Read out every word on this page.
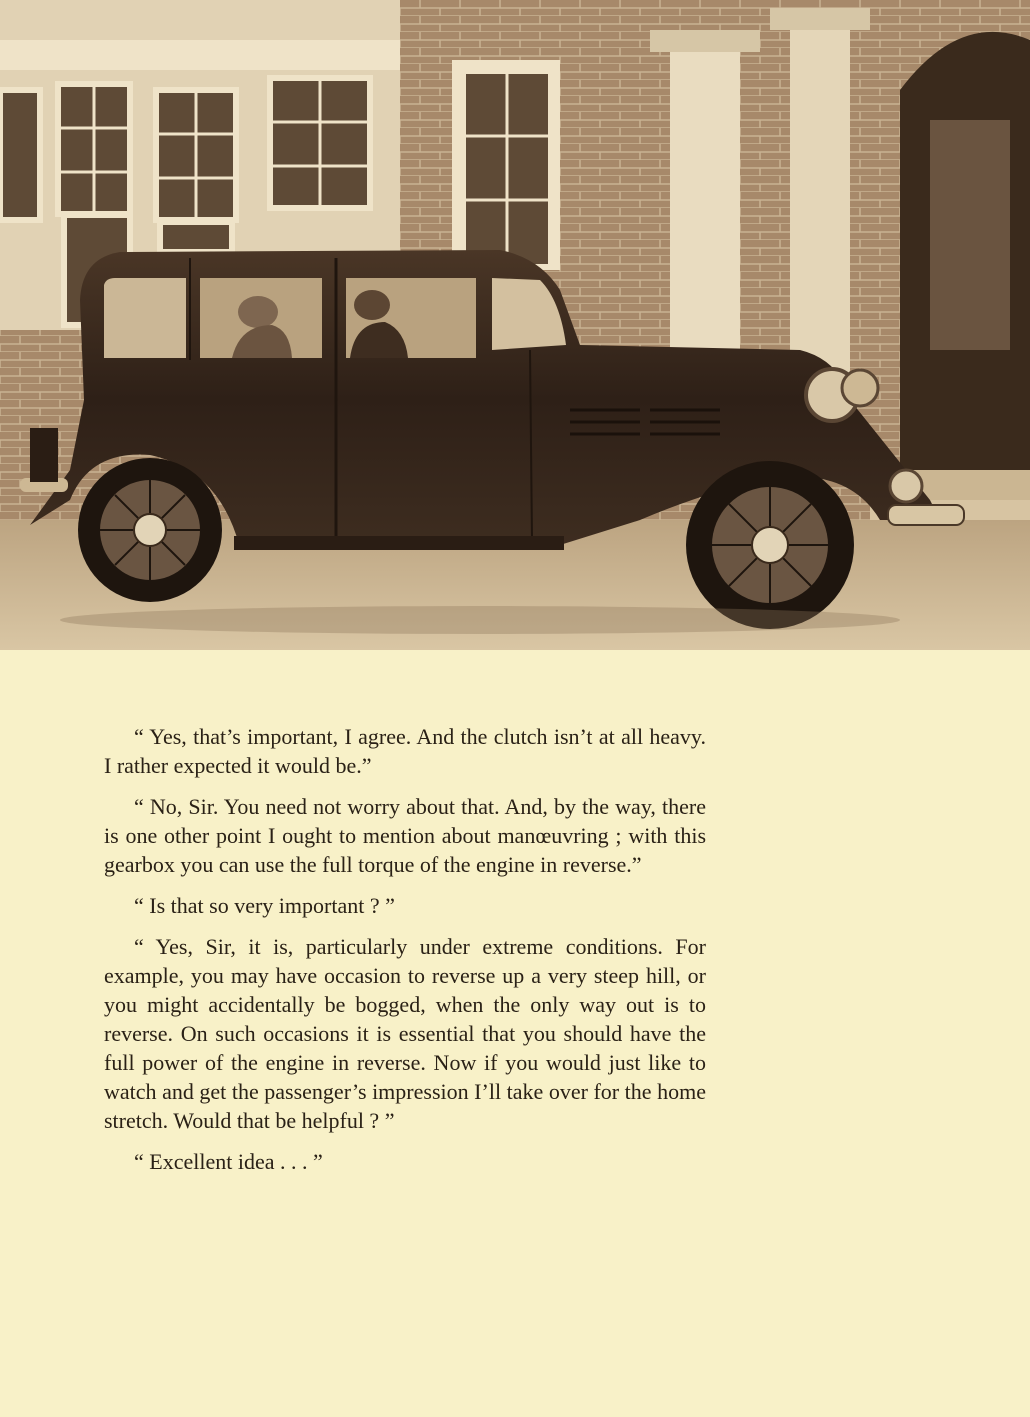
“ Yes, that’s important, I agree. And the clutch isn’t at all heavy. I rather expected it would be.”

“ No, Sir. You need not worry about that. And, by the way, there is one other point I ought to mention about manœuvring ; with this gearbox you can use the full torque of the engine in reverse.”

“ Is that so very important ? ”

“ Yes, Sir, it is, particularly under extreme conditions. For example, you may have occasion to reverse up a very steep hill, or you might accidentally be bogged, when the only way out is to reverse. On such occasions it is essential that you should have the full power of the engine in reverse. Now if you would just like to watch and get the passenger’s impression I’ll take over for the home stretch. Would that be helpful ? ”

“ Excellent idea . . . ”
